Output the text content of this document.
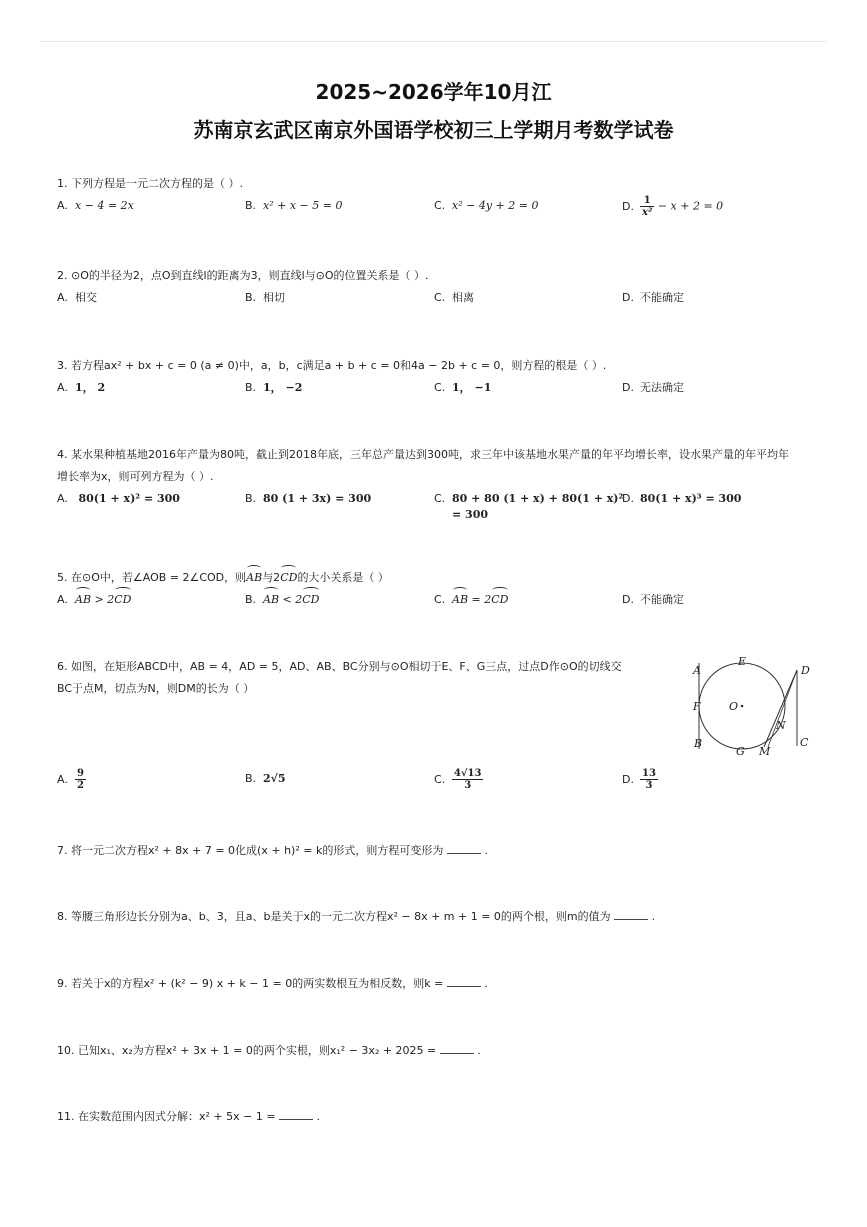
2025~2026学年10月江
苏南京玄武区南京外国语学校初三上学期月考数学试卷
1. 下列方程是一元二次方程的是（ ）.
A. x − 4 = 2x	B. x² + x − 5 = 0	C. x² − 4y + 2 = 0	D. $\frac{1}{\text{x²}} - x + 2 = 0$
2. ⊙O的半径为2，点O到直线l的距离为3，则直线l与⊙O的位置关系是（ ）.
A. 相交	B. 相切	C. 相离	D. 不能确定
3. 若方程ax² + bx + c = 0 (a ≠ 0)中，a，b，c满足a + b + c = 0和4a − 2b + c = 0，则方程的根是（ ）.
A. 1， 2	B. 1， −2	C. 1， −1	D. 无法确定
4. 某水果种植基地2016年产量为80吨，截止到2018年底，三年总产量达到300吨，求三年中该基地水果产量的年平均增长率，设水果产量的年平均年
增长率为x，则可列方程为（ ）.
A. 80(1 + x)² = 300	B. 80 (1 + 3x) = 300	C. 80 + 80 (1 + x) + 80(1 + x)²
= 300
D. 80(1 + x)³ = 300
5. 在⊙O中，若∠AOB = 2∠COD，则AB与2CD的大小关系是（ ）
A. AB > 2CD	B. AB < 2CD	C. AB = 2CD	D. 不能确定
6. 如图，在矩形ABCD中，AB = 4，AD = 5，AD、AB、BC分别与⊙O相切于E、F、G三点，过点D作⊙O的切线交
BC于点M，切点为N，则DM的长为（ ）
A. $\frac{9}{2}$	B. 2√5	C. $\frac{4√13}{3}$	D. $\frac{13}{3}$
A
E
D
F	O
N
B
G M
C
7. 将一元二次方程x² + 8x + 7 = 0化成(x + h)² = k的形式，则方程可变形为	.
8. 等腰三角形边长分别为a、b、3，且a、b是关于x的一元二次方程x² − 8x + m + 1 = 0的两个根，则m的值为	.
9. 若关于x的方程x² + (k² − 9) x + k − 1 = 0的两实数根互为相反数，则k =	.
10. 已知x₁、x₂为方程x² + 3x + 1 = 0的两个实根，则x₁² − 3x₂ + 2025 =	.
11. 在实数范围内因式分解：x² + 5x − 1 =	.
